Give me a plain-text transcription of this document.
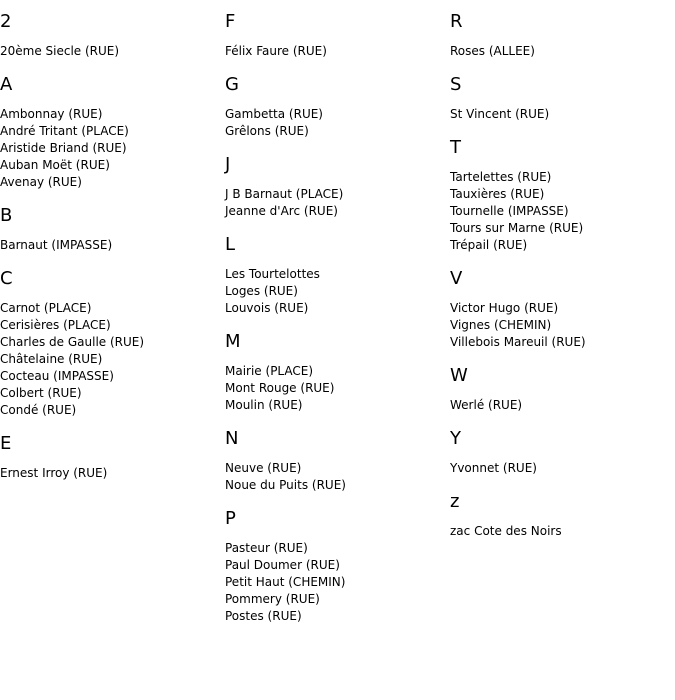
2
20ème Siecle (RUE)
A
Ambonnay (RUE)
André Tritant (PLACE)
Aristide Briand (RUE)
Auban Moët (RUE)
Avenay (RUE)
B
Barnaut (IMPASSE)
C
Carnot (PLACE)
Cerisières (PLACE)
Charles de Gaulle (RUE)
Châtelaine (RUE)
Cocteau (IMPASSE)
Colbert (RUE)
Condé (RUE)
E
Ernest Irroy (RUE)
F
Félix Faure (RUE)
G
Gambetta (RUE)
Grêlons (RUE)
J
J B Barnaut (PLACE)
Jeanne d'Arc (RUE)
L
Les Tourtelottes
Loges (RUE)
Louvois (RUE)
M
Mairie (PLACE)
Mont Rouge (RUE)
Moulin (RUE)
N
Neuve (RUE)
Noue du Puits (RUE)
P
Pasteur (RUE)
Paul Doumer (RUE)
Petit Haut (CHEMIN)
Pommery (RUE)
Postes (RUE)
R
Roses (ALLEE)
S
St Vincent (RUE)
T
Tartelettes (RUE)
Tauxières (RUE)
Tournelle (IMPASSE)
Tours sur Marne (RUE)
Trépail (RUE)
V
Victor Hugo (RUE)
Vignes (CHEMIN)
Villebois Mareuil (RUE)
W
Werlé (RUE)
Y
Yvonnet (RUE)
z
zac Cote des Noirs
